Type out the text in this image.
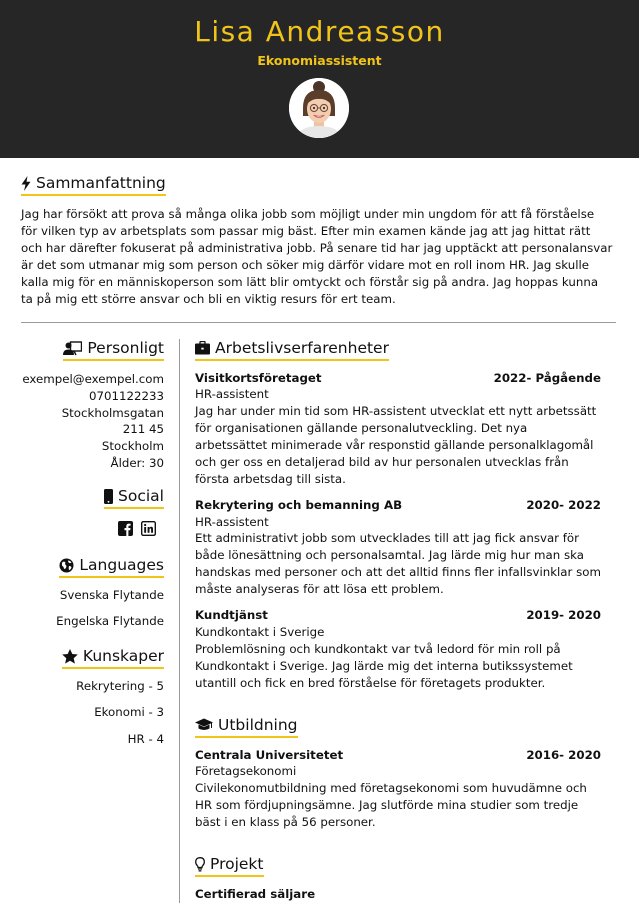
Lisa Andreasson
Ekonomiassistent
Sammanfattning
Jag har försökt att prova så många olika jobb som möjligt under min ungdom för att få förståelse för vilken typ av arbetsplats som passar mig bäst. Efter min examen kände jag att jag hittat rätt och har därefter fokuserat på administrativa jobb. På senare tid har jag upptäckt att personalansvar är det som utmanar mig som person och söker mig därför vidare mot en roll inom HR. Jag skulle kalla mig för en människoperson som lätt blir omtyckt och förstår sig på andra. Jag hoppas kunna ta på mig ett större ansvar och bli en viktig resurs för ert team.
Personligt
exempel@exempel.com
0701122233
Stockholmsgatan
211 45
Stockholm
Ålder: 30
Social
Languages
Svenska Flytande
Engelska Flytande
Kunskaper
Rekrytering - 5
Ekonomi - 3
HR - 4
Arbetslivserfarenheter
Visitkortsföretaget	2022- Pågående
HR-assistent
Jag har under min tid som HR-assistent utvecklat ett nytt arbetssätt för organisationen gällande personalutveckling. Det nya arbetssättet minimerade vår responstid gällande personalklagomål och ger oss en detaljerad bild av hur personalen utvecklas från första arbetsdag till sista.
Rekrytering och bemanning AB	2020- 2022
HR-assistent
Ett administrativt jobb som utvecklades till att jag fick ansvar för både lönesättning och personalsamtal. Jag lärde mig hur man ska handskas med personer och att det alltid finns fler infallsvinklar som måste analyseras för att lösa ett problem.
Kundtjänst	2019- 2020
Kundkontakt i Sverige
Problemlösning och kundkontakt var två ledord för min roll på Kundkontakt i Sverige. Jag lärde mig det interna butikssystemet utantill och fick en bred förståelse för företagets produkter.
Utbildning
Centrala Universitetet	2016- 2020
Företagsekonomi
Civilekonomutbildning med företagsekonomi som huvudämne och HR som fördjupningsämne. Jag slutförde mina studier som tredje bäst i en klass på 56 personer.
Projekt
Certifierad säljare
